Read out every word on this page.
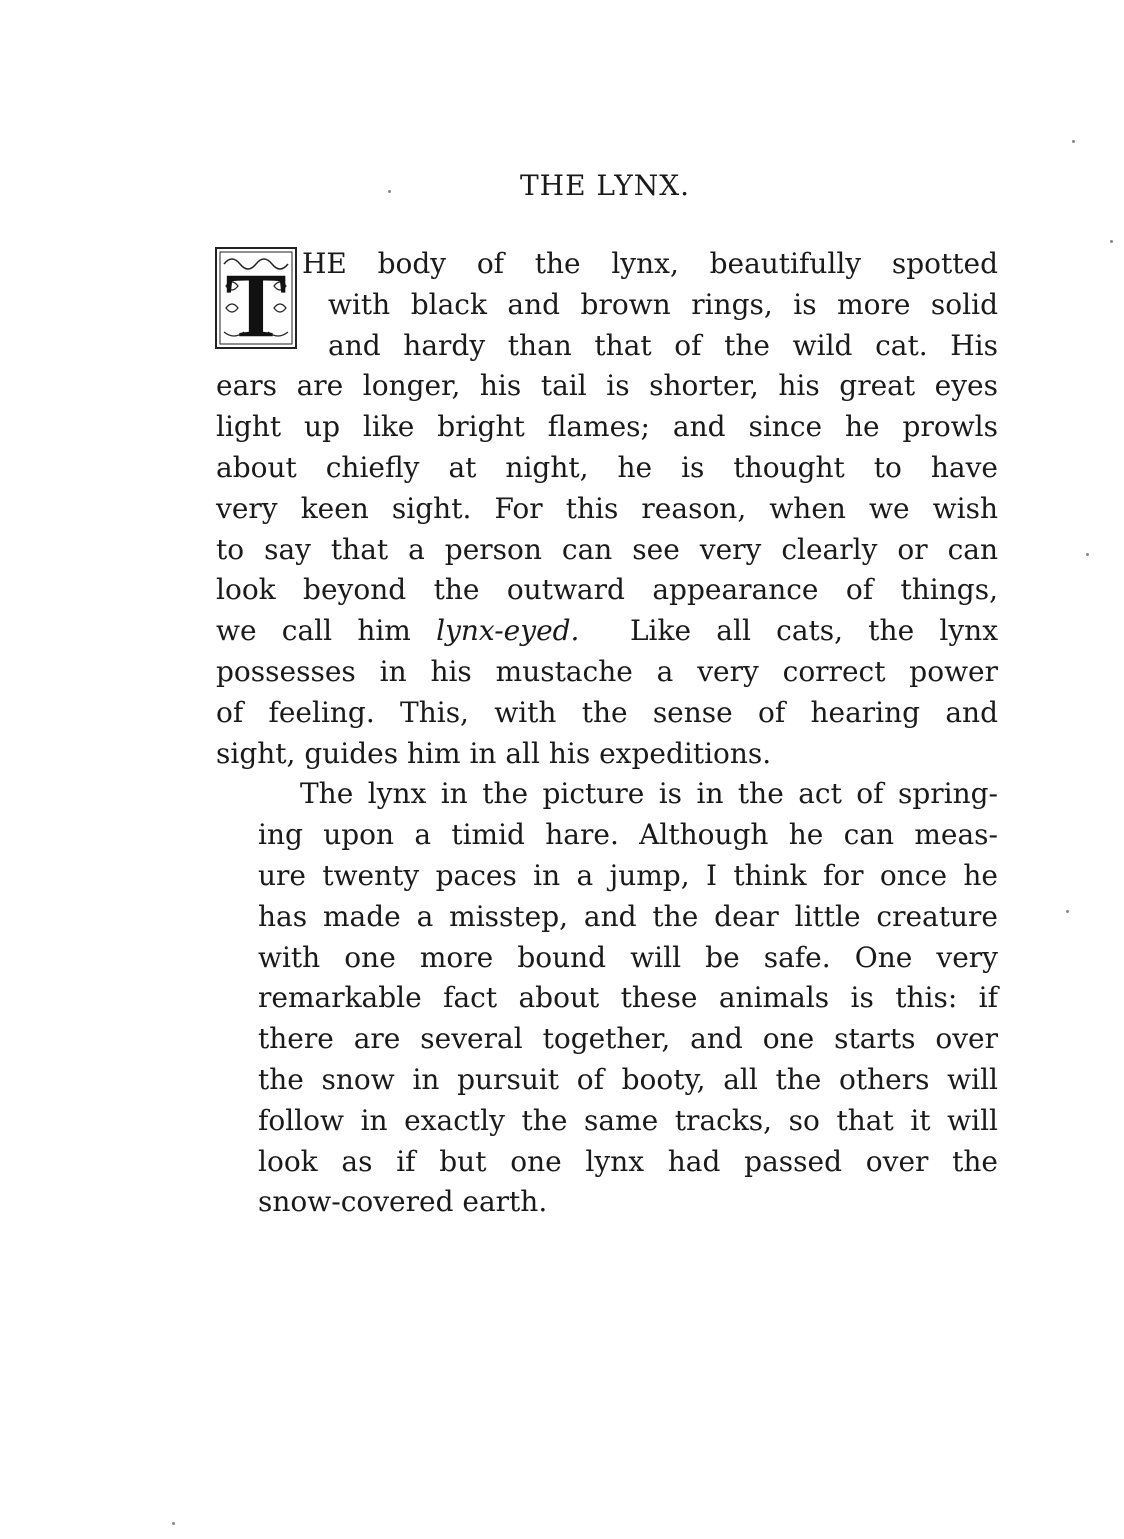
THE LYNX.
T HE body of the lynx, beautifully spotted
with black and brown rings, is more solid
and hardy than that of the wild cat. His
ears are longer, his tail is shorter, his great eyes
light up like bright flames; and since he prowls
about chiefly at night, he is thought to have
very keen sight. For this reason, when we wish
to say that a person can see very clearly or can
look beyond the outward appearance of things,
we call him lynx-eyed.  Like all cats, the lynx
possesses in his mustache a very correct power
of feeling. This, with the sense of hearing and
sight, guides him in all his expeditions.
The lynx in the picture is in the act of spring-
ing upon a timid hare. Although he can meas-
ure twenty paces in a jump, I think for once he
has made a misstep, and the dear little creature
with one more bound will be safe. One very
remarkable fact about these animals is this: if
there are several together, and one starts over
the snow in pursuit of booty, all the others will
follow in exactly the same tracks, so that it will
look as if but one lynx had passed over the
snow-covered earth.
